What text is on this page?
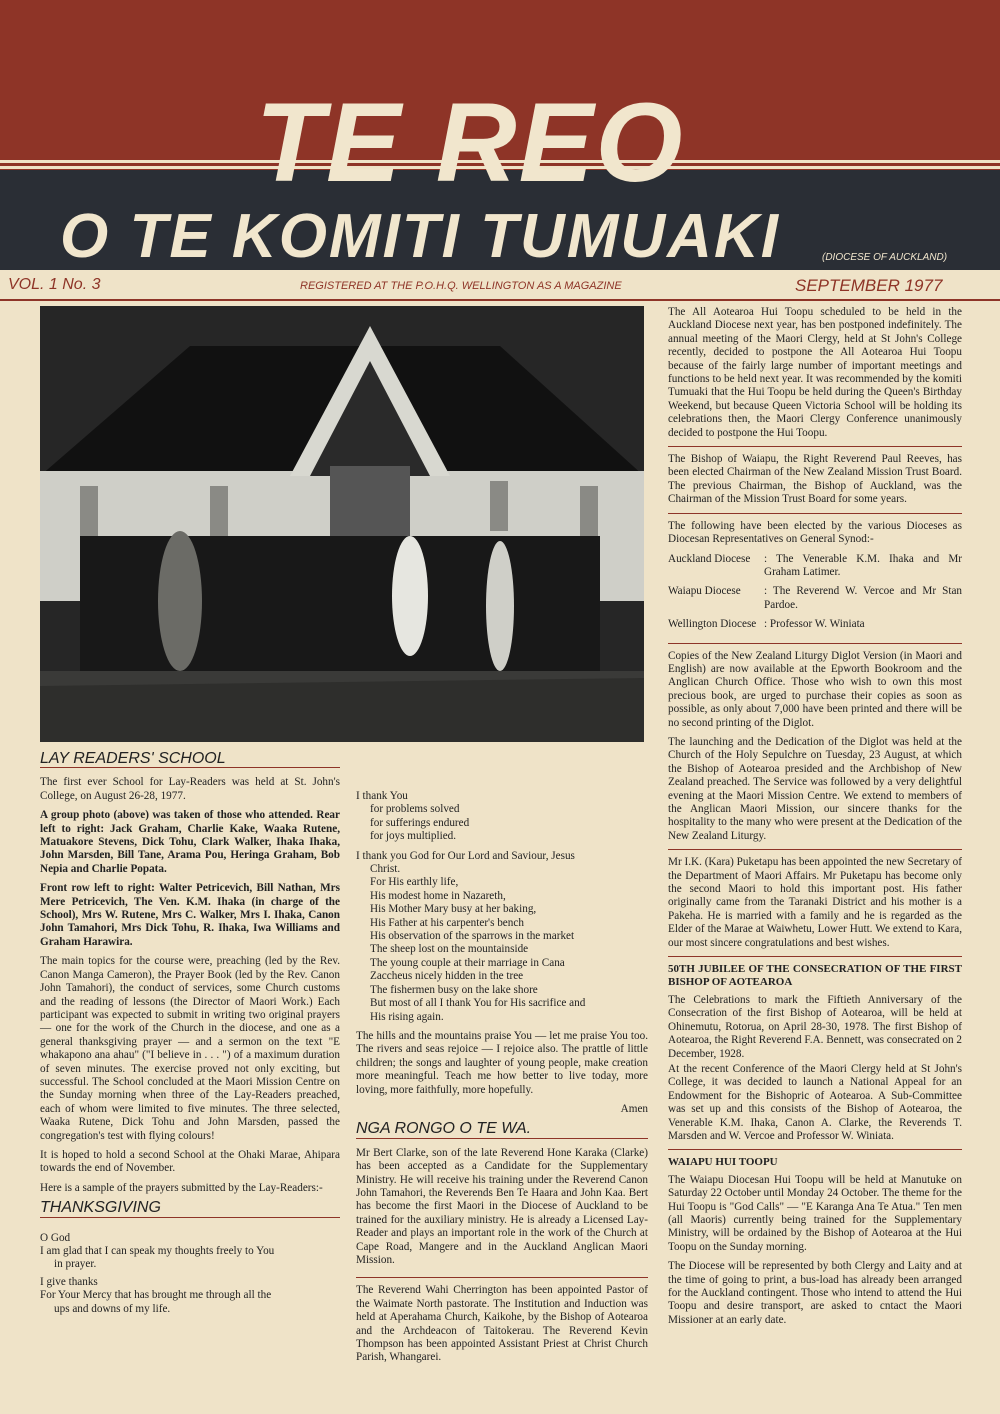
TE REO
O TE KOMITI TUMUAKI	(DIOCESE OF AUCKLAND)
VOL. 1 No. 3	REGISTERED AT THE P.O.H.Q. WELLINGTON AS A MAGAZINE	SEPTEMBER 1977
LAY READERS' SCHOOL

The first ever School for Lay-Readers was held at St. John's College, on August 26-28, 1977.

A group photo (above) was taken of those who attended. Rear left to right: Jack Graham, Charlie Kake, Waaka Rutene, Matuakore Stevens, Dick Tohu, Clark Walker, Ihaka Ihaka, John Marsden, Bill Tane, Arama Pou, Heringa Graham, Bob Nepia and Charlie Popata.

Front row left to right: Walter Petricevich, Bill Nathan, Mrs Mere Petricevich, The Ven. K.M. Ihaka (in charge of the School), Mrs W. Rutene, Mrs C. Walker, Mrs I. Ihaka, Canon John Tamahori, Mrs Dick Tohu, R. Ihaka, Iwa Williams and Graham Harawira.

The main topics for the course were, preaching (led by the Rev. Canon Manga Cameron), the Prayer Book (led by the Rev. Canon John Tamahori), the conduct of services, some Church customs and the reading of lessons (the Director of Maori Work.) Each participant was expected to submit in writing two original prayers — one for the work of the Church in the diocese, and one as a general thanksgiving prayer — and a sermon on the text "E whakapono ana ahau" ("I believe in . . . ") of a maximum duration of seven minutes. The exercise proved not only exciting, but successful. The School concluded at the Maori Mission Centre on the Sunday morning when three of the Lay-Readers preached, each of whom were limited to five minutes. The three selected, Waaka Rutene, Dick Tohu and John Marsden, passed the congregation's test with flying colours!

It is hoped to hold a second School at the Ohaki Marae, Ahipara towards the end of November.

Here is a sample of the prayers submitted by the Lay-Readers:-

THANKSGIVING
O God
I am glad that I can speak my thoughts freely to You
in prayer.
I give thanks
For Your Mercy that has brought me through all the
ups and downs of my life.
I thank You
for problems solved
for sufferings endured
for joys multiplied.
I thank you God for Our Lord and Saviour, Jesus
Christ.
For His earthly life,
His modest home in Nazareth,
His Mother Mary busy at her baking,
His Father at his carpenter's bench
His observation of the sparrows in the market
The sheep lost on the mountainside
The young couple at their marriage in Cana
Zaccheus nicely hidden in the tree
The fishermen busy on the lake shore
But most of all I thank You for His sacrifice and
His rising again.

The hills and the mountains praise You — let me praise You too. The rivers and seas rejoice — I rejoice also. The prattle of little children; the songs and laughter of young people, make creation more meaningful. Teach me how better to live today, more loving, more faithfully, more hopefully.

Amen
NGA RONGO O TE WA.

Mr Bert Clarke, son of the late Reverend Hone Karaka (Clarke) has been accepted as a Candidate for the Supplementary Ministry. He will receive his training under the Reverend Canon John Tamahori, the Reverends Ben Te Haara and John Kaa. Bert has become the first Maori in the Diocese of Auckland to be trained for the auxiliary ministry. He is already a Licensed Lay-Reader and plays an important role in the work of the Church at Cape Road, Mangere and in the Auckland Anglican Maori Mission.

The Reverend Wahi Cherrington has been appointed Pastor of the Waimate North pastorate. The Institution and Induction was held at Aperahama Church, Kaikohe, by the Bishop of Aotearoa and the Archdeacon of Taitokerau. The Reverend Kevin Thompson has been appointed Assistant Priest at Christ Church Parish, Whangarei.

The All Aotearoa Hui Toopu scheduled to be held in the Auckland Diocese next year, has ben postponed indefinitely. The annual meeting of the Maori Clergy, held at St John's College recently, decided to postpone the All Aotearoa Hui Toopu because of the fairly large number of important meetings and functions to be held next year. It was recommended by the komiti Tumuaki that the Hui Toopu be held during the Queen's Birthday Weekend, but because Queen Victoria School will be holding its celebrations then, the Maori Clergy Conference unanimously decided to postpone the Hui Toopu.

The Bishop of Waiapu, the Right Reverend Paul Reeves, has been elected Chairman of the New Zealand Mission Trust Board. The previous Chairman, the Bishop of Auckland, was the Chairman of the Mission Trust Board for some years.

The following have been elected by the various Dioceses as Diocesan Representatives on General Synod:-

Auckland Diocese	: The Venerable K.M. Ihaka and Mr Graham Latimer.
Waiapu Diocese	: The Reverend W. Vercoe and Mr Stan Pardoe.
Wellington Diocese	: Professor W. Winiata

Copies of the New Zealand Liturgy Diglot Version (in Maori and English) are now available at the Epworth Bookroom and the Anglican Church Office. Those who wish to own this most precious book, are urged to purchase their copies as soon as possible, as only about 7,000 have been printed and there will be no second printing of the Diglot.

The launching and the Dedication of the Diglot was held at the Church of the Holy Sepulchre on Tuesday, 23 August, at which the Bishop of Aotearoa presided and the Archbishop of New Zealand preached. The Service was followed by a very delightful evening at the Maori Mission Centre. We extend to members of the Anglican Maori Mission, our sincere thanks for the hospitality to the many who were present at the Dedication of the New Zealand Liturgy.

Mr I.K. (Kara) Puketapu has been appointed the new Secretary of the Department of Maori Affairs. Mr Puketapu has become only the second Maori to hold this important post. His father originally came from the Taranaki District and his mother is a Pakeha. He is married with a family and he is regarded as the Elder of the Marae at Waiwhetu, Lower Hutt. We extend to Kara, our most sincere congratulations and best wishes.

50TH JUBILEE OF THE CONSECRATION OF THE FIRST BISHOP OF AOTEAROA

The Celebrations to mark the Fiftieth Anniversary of the Consecration of the first Bishop of Aotearoa, will be held at Ohinemutu, Rotorua, on April 28-30, 1978. The first Bishop of Aotearoa, the Right Reverend F.A. Bennett, was consecrated on 2 December, 1928.

At the recent Conference of the Maori Clergy held at St John's College, it was decided to launch a National Appeal for an Endowment for the Bishopric of Aotearoa. A Sub-Committee was set up and this consists of the Bishop of Aotearoa, the Venerable K.M. Ihaka, Canon A. Clarke, the Reverends T. Marsden and W. Vercoe and Professor W. Winiata.

WAIAPU HUI TOOPU

The Waiapu Diocesan Hui Toopu will be held at Manutuke on Saturday 22 October until Monday 24 October. The theme for the Hui Toopu is "God Calls" — "E Karanga Ana Te Atua." Ten men (all Maoris) currently being trained for the Supplementary Ministry, will be ordained by the Bishop of Aotearoa at the Hui Toopu on the Sunday morning.

The Diocese will be represented by both Clergy and Laity and at the time of going to print, a bus-load has already been arranged for the Auckland contingent. Those who intend to attend the Hui Toopu and desire transport, are asked to cntact the Maori Missioner at an early date.
